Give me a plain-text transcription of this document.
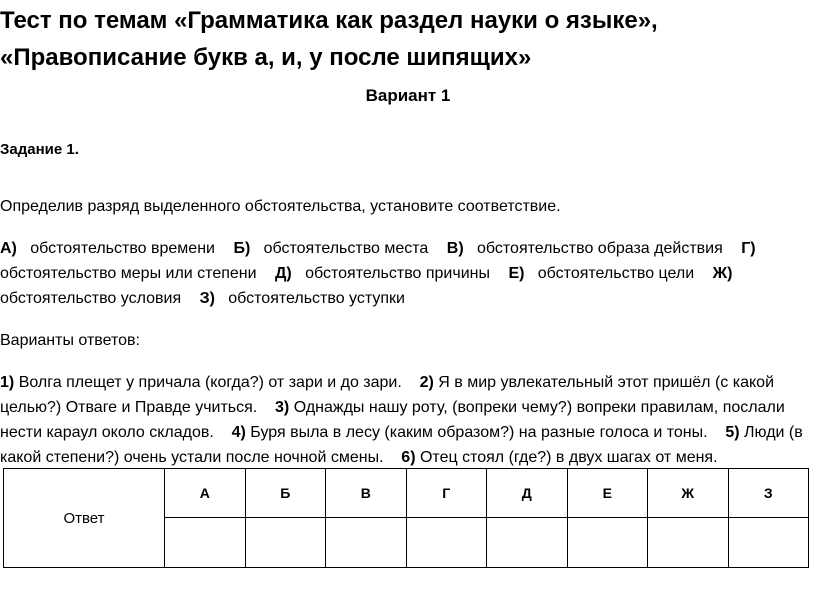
Тест по темам «Грамматика как раздел науки о языке»,
«Правописание букв а, и, у после шипящих»
Вариант 1
Задание 1.
Определив разряд выделенного обстоятельства, установите соответствие.
А) обстоятельство времени Б) обстоятельство места В) обстоятельство образа действия Г) обстоятельство меры или степени Д) обстоятельство причины Е) обстоятельство цели Ж) обстоятельство условия З) обстоятельство уступки
Варианты ответов:
1) Волга плещет у причала (когда?) от зари и до зари. 2) Я в мир увлекательный этот пришёл (с какой целью?) Отваге и Правде учиться. 3) Однажды нашу роту, (вопреки чему?) вопреки правилам, послали нести караул около складов. 4) Буря выла в лесу (каким образом?) на разные голоса и тоны. 5) Люди (в какой степени?) очень устали после ночной смены. 6) Отец стоял (где?) в двух шагах от меня.
Ответ	А	Б	В	Г	Д	Е	Ж	З
